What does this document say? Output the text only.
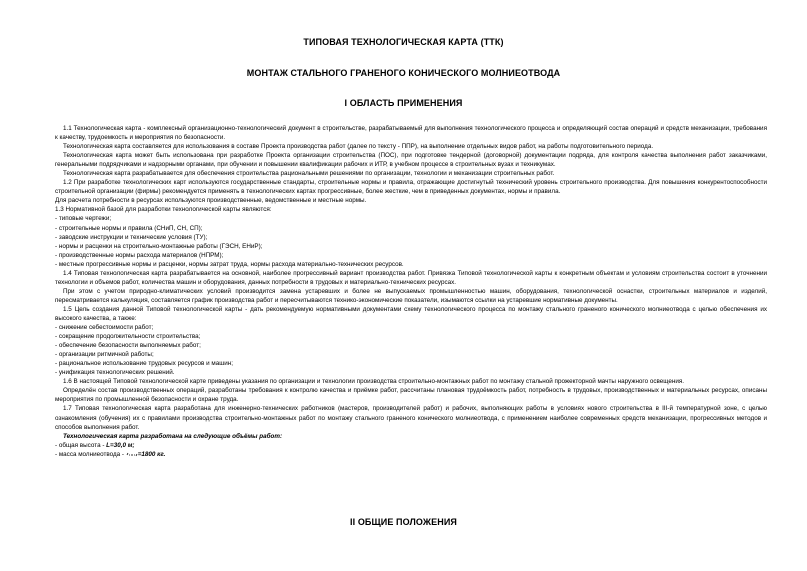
ТИПОВАЯ ТЕХНОЛОГИЧЕСКАЯ КАРТА (ТТК)
МОНТАЖ СТАЛЬНОГО ГРАНЕНОГО КОНИЧЕСКОГО МОЛНИЕОТВОДА
I ОБЛАСТЬ ПРИМЕНЕНИЯ

1.1 Технологическая карта - комплексный организационно-технологический документ в строительстве, разрабатываемый для выполнения технологического процесса и определяющий состав операций и средств механизации, требования к качеству, трудоемкость и мероприятия по безопасности.

Технологическая карта составляется для использования в составе Проекта производства работ (далее по тексту - ППР), на выполнение отдельных видов работ, на работы подготовительного периода.

Технологическая карта может быть использована при разработке Проекта организации строительства (ПОС), при подготовке тендерной (договорной) документации подряда, для контроля качества выполнения работ заказчиками, генеральными подрядчиками и надзорными органами, при обучении и повышении квалификации рабочих и ИТР, в учебном процессе в строительных вузах и техникумах.

Технологическая карта разрабатывается для обеспечения строительства рациональными решениями по организации, технологии и механизации строительных работ.

1.2 При разработке технологических карт используются государственные стандарты, строительные нормы и правила, отражающие достигнутый технический уровень строительного производства. Для повышения конкурентоспособности строительной организации (фирмы) рекомендуется применять в технологических картах прогрессивные, более жесткие, чем в приведенных документах, нормы и правила.

Для расчета потребности в ресурсах используются производственные, ведомственные и местные нормы.

1.3 Нормативной базой для разработки технологической карты являются:

- типовые чертежи;

- строительные нормы и правила (СНиП, СН, СП);

- заводские инструкции и технические условия (ТУ);

- нормы и расценки на строительно-монтажные работы (ГЭСН, ЕНиР);

- производственные нормы расхода материалов (НПРМ);

- местные прогрессивные нормы и расценки, нормы затрат труда, нормы расхода материально-технических ресурсов.

1.4 Типовая технологическая карта разрабатывается на основной, наиболее прогрессивный вариант производства работ. Привязка Типовой технологической карты к конкретным объектам и условиям строительства состоит в уточнении технологии и объемов работ, количества машин и оборудования, данных потребности в трудовых и материально-технических ресурсах.

При этом с учетом природно-климатических условий производится замена устаревших и более не выпускаемых промышленностью машин, оборудования, технологической оснастки, строительных материалов и изделий, пересматривается калькуляция, составляется график производства работ и пересчитываются технико-экономические показатели, изымаются ссылки на устаревшие нормативные документы.

1.5 Цель создания данной Типовой технологической карты - дать рекомендуемую нормативными документами схему технологического процесса по монтажу стального граненого конического молниеотвода с целью обеспечения их высокого качества, а также:

- снижение себестоимости работ;

- сокращение продолжительности строительства;

- обеспечение безопасности выполняемых работ;

- организации ритмичной работы;

- рациональное использование трудовых ресурсов и машин;

- унификация технологических решений.

1.6 В настоящей Типовой технологической карте приведены указания по организации и технологии производства строительно-монтажных работ по монтажу стальной прожекторной мачты наружного освещения.

Определён состав производственных операций, разработаны требования к контролю качества и приёмке работ, рассчитаны плановая трудоёмкость работ, потребность в трудовых, производственных и материальных ресурсах, описаны мероприятия по промышленной безопасности и охране труда.

1.7 Типовая технологическая карта разработана для инженерно-технических работников (мастеров, производителей работ) и рабочих, выполняющих работы в условиях нового строительства в III-й температурной зоне, с целью ознакомления (обучения) их с правилами производства строительно-монтажных работ по монтажу стального граненого конического молниеотвода, с применением наиболее современных средств механизации, прогрессивных методов и способов выполнения работ.

Технологическая карта разработана на следующие объёмы работ:

- общая высота - L=30,0 м;

- масса молниеотвода - =1800 кг.

II ОБЩИЕ ПОЛОЖЕНИЯ
